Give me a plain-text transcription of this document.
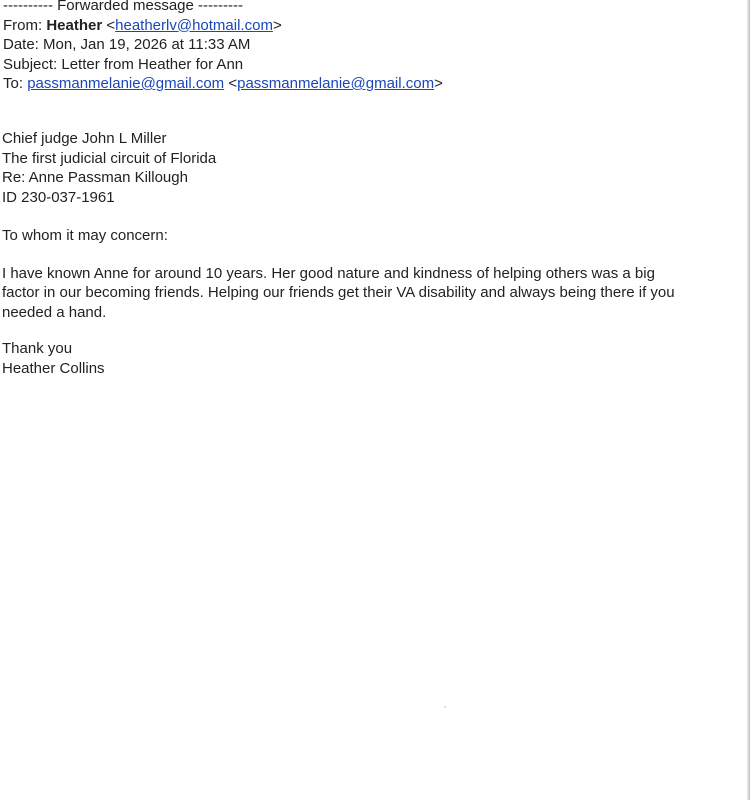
---------- Forwarded message ---------
From: Heather <heatherlv@hotmail.com>
Date: Mon, Jan 19, 2026 at 11:33 AM
Subject: Letter from Heather for Ann
To: passmanmelanie@gmail.com <passmanmelanie@gmail.com>
Chief judge John L Miller
The first judicial circuit of Florida
Re: Anne Passman Killough
ID 230-037-1961
To whom it may concern:
I have known Anne for around 10 years. Her good nature and kindness of helping others was a big factor in our becoming friends. Helping our friends get their VA disability and always being there if you needed a hand.
Thank you
Heather Collins
